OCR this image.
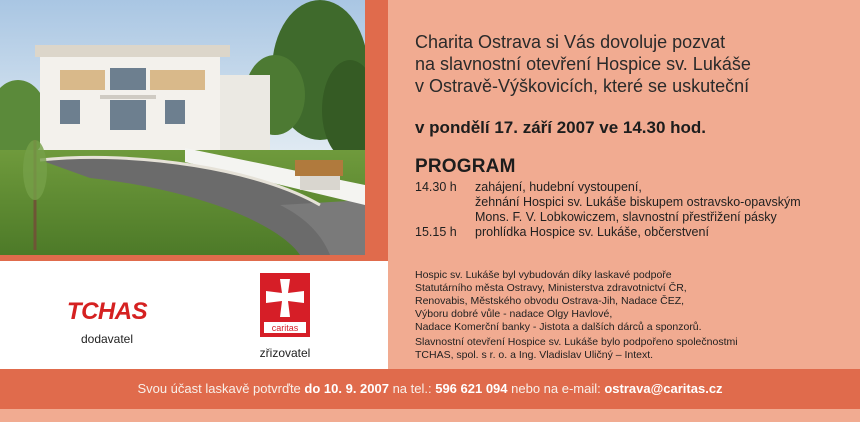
TCHAS
dodavatel
caritas
zřizovatel
Charita Ostrava si Vás dovoluje pozvat
na slavnostní otevření Hospice sv. Lukáše
v Ostravě-Výškovicích, které se uskuteční
v pondělí 17. září 2007 ve 14.30 hod.
PROGRAM
14.30 h	zahájení, hudební vystoupení,
žehnání Hospici sv. Lukáše biskupem ostravsko-opavským
Mons. F. V. Lobkowiczem, slavnostní přestřižení pásky
15.15 h	prohlídka Hospice sv. Lukáše, občerstvení
Hospic sv. Lukáše byl vybudován díky laskavé podpoře
Statutárního města Ostravy, Ministerstva zdravotnictví ČR,
Renovabis, Městského obvodu Ostrava-Jih, Nadace ČEZ,
Výboru dobré vůle - nadace Olgy Havlové,
Nadace Komerční banky - Jistota a dalších dárců a sponzorů.
Slavnostní otevření Hospice sv. Lukáše bylo podpořeno společnostmi
TCHAS, spol. s r. o. a Ing. Vladislav Uličný – Intext.
Svou účast laskavě potvrďte do 10. 9. 2007 na tel.: 596 621 094 nebo na e-mail: ostrava@caritas.cz
